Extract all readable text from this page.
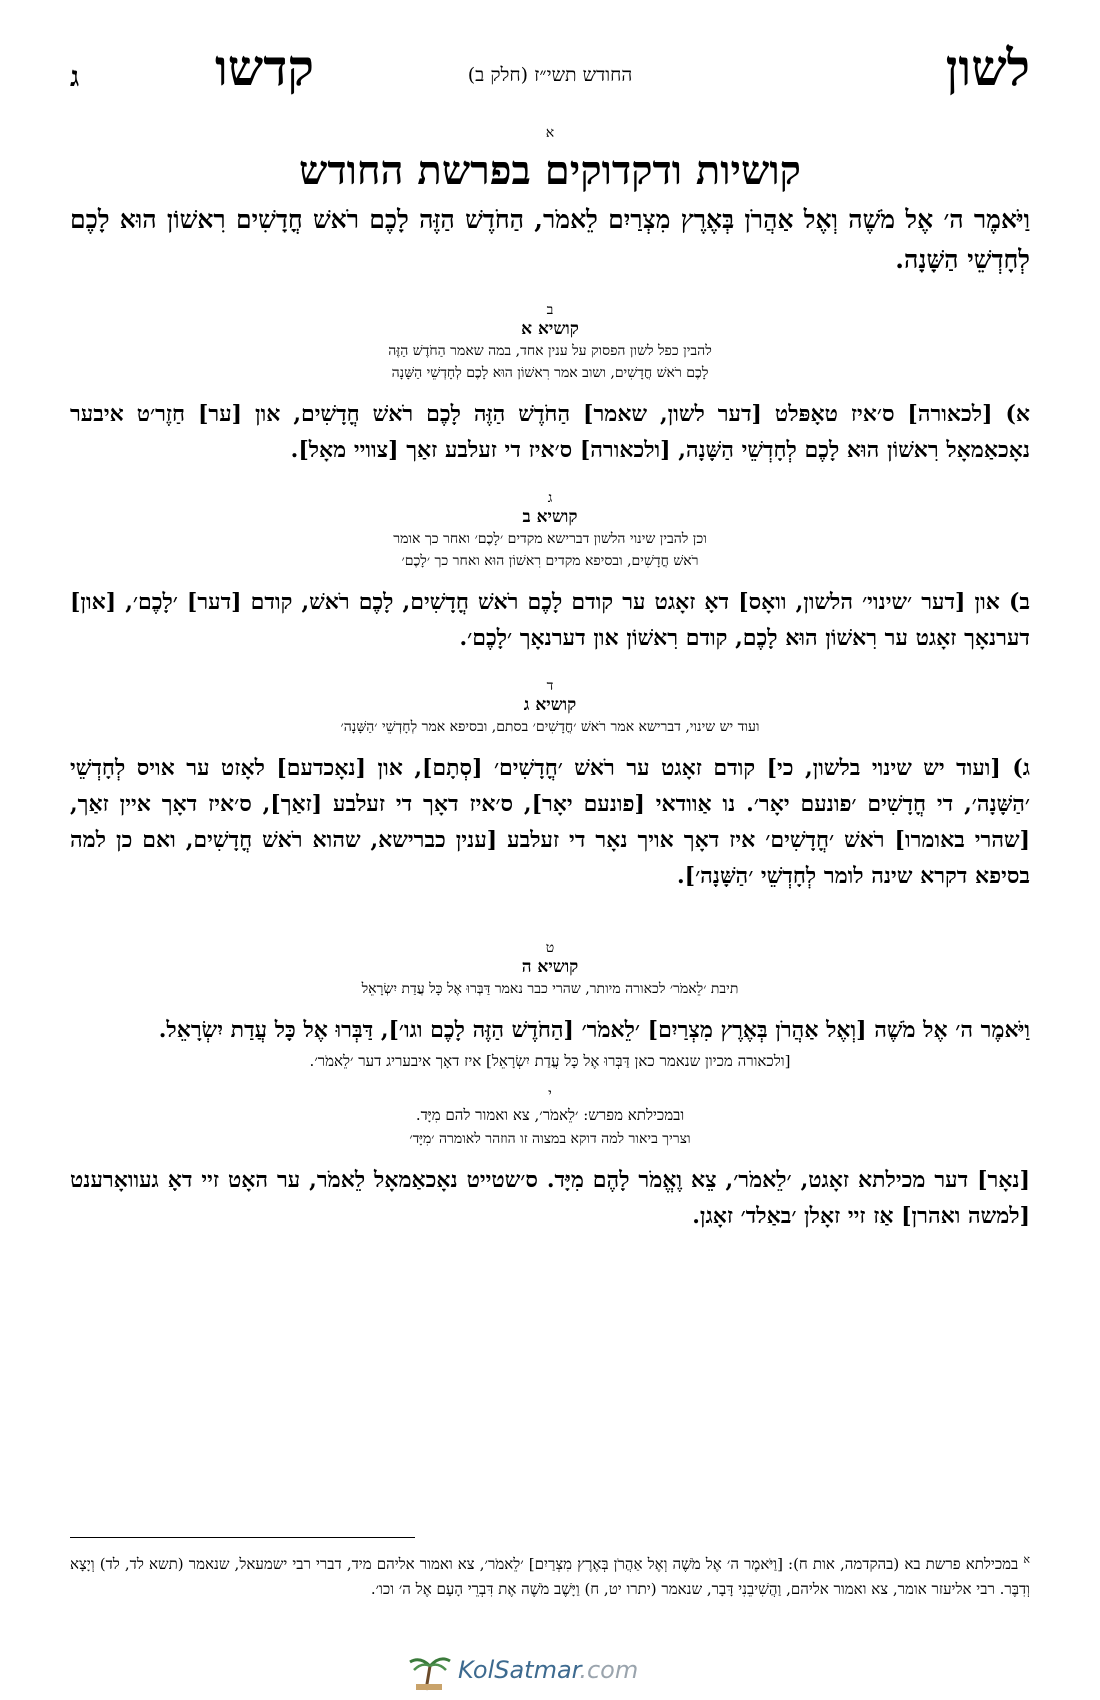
לשון
קדשו	החודש תשי״ז (חלק ב)
ג
א
קושיות ודקדוקים בפרשת החודש
וַיֹּאמֶר ה׳ אֶל מֹשֶׁה וְאֶל אַהֲרֹן בְּאֶרֶץ מִצְרַיִם לֵאמֹר, הַחֹדֶשׁ הַזֶּה לָכֶם רֹאשׁ חֳדָשִׁים רִאשׁוֹן הוּא לָכֶם לְחָדְשֵׁי הַשָּׁנָה.
ב
קושיא א
להבין כפל לשון הפסוק על ענין אחד, במה שאמר הַחֹדֶשׁ הַזֶּה
לָכֶם רֹאשׁ חֳדָשִׁים, ושוב אמר רִאשׁוֹן הוּא לָכֶם לְחָדְשֵׁי הַשָּׁנָה
א) [לכאורה] ס׳איז טאָפּלט [דער לשון, שאמר] הַחֹדֶשׁ הַזֶּה לָכֶם רֹאשׁ חֳדָשִׁים, און [ער] חַזֶר׳ט איבער נאָכאַמאָל רִאשׁוֹן הוּא לָכֶם לְחָדְשֵׁי הַשָּׁנָה, [ולכאורה] ס׳איז די זעלבע זאַך [צוויי מאָל].
ג
קושיא ב
וכן להבין שינוי הלשון דברישא מקדים ׳לָכֶם׳ ואחר כך אומר
רֹאשׁ חֳדָשִׁים, ובסיפא מקדים רִאשׁוֹן הוּא ואחר כך ׳לָכֶם׳
ב) און [דער ׳שינוי׳ הלשון, וואָס] דאָ זאָגט ער קודם לָכֶם רֹאשׁ חֳדָשִׁים, לָכֶם רֹאשׁ, קודם [דער] ׳לָכֶם׳, [און] דערנאָך זאָגט ער רִאשׁוֹן הוּא לָכֶם, קודם רִאשׁוֹן און דערנאָך ׳לָכֶם׳.
ד
קושיא ג
ועוד יש שינוי, דברישא אמר רֹאשׁ ׳חֳדָשִׁים׳ בסתם, ובסיפא אמר לְחָדְשֵׁי ׳הַשָּׁנָה׳
ג) [ועוד יש שינוי בלשון, כי] קודם זאָגט ער רֹאשׁ ׳חֳדָשִׁים׳ [סְתָם], און [נאָכדעם] לאָזט ער אויס לְחָדְשֵׁי ׳הַשָּׁנָה׳, די חֳדָשִׁים ׳פונעם יאָר׳. נו אַוודאי [פונעם יאָר], ס׳איז דאָך די זעלבע [זאַך], ס׳איז דאָך איין זאַך, [שהרי באומרו] רֹאשׁ ׳חֳדָשִׁים׳ איז דאָך אויך נאָר די זעלבע [ענין כברישא, שהוא רֹאשׁ חֳדָשִׁים, ואם כן למה בסיפא דקרא שינה לומר לְחָדְשֵׁי ׳הַשָּׁנָה׳].
ט
קושיא ה
תיבת ׳לֵאמֹר׳ לכאורה מיותר, שהרי כבר נאמר דַּבְּרוּ אֶל כָּל עֲדַת יִשְׂרָאֵל
וַיֹּאמֶר ה׳ אֶל מֹשֶׁה [וְאֶל אַהֲרֹן בְּאֶרֶץ מִצְרַיִם] ׳לֵאמֹר׳ [הַחֹדֶשׁ הַזֶּה לָכֶם וגו׳], דַּבְּרוּ אֶל כָּל עֲדַת יִשְׂרָאֵל.
[ולכאורה מכיון שנאמר כאן דַּבְּרוּ אֶל כָּל עֲדַת יִשְׂרָאֵל] איז דאָך איבעריג דער ׳לֵאמֹר׳.
י
ובמכילתא מפרש: ׳לֵאמֹר׳, צא ואמור להם מִיָּד.
וצריך ביאור למה דוקא במצוה זו הוזהר לאומרה ׳מִיָּד׳
[נאָר] דער מכילתא זאָגט, ׳לֵאמֹר׳, צֵא וֶאֱמֹר לָהֶם מִיָּד. ס׳שטייט נאָכאַמאָל לֵאמֹר, ער האָט זיי דאָ געוואָרענט [למשה ואהרן] אַז זיי זאָלן ׳באַלד׳ זאָגן.
$^א$ במכילתא פרשת בא (בהקדמה, אות ח): [וַיֹּאמֶר ה׳ אֶל מֹשֶׁה וְאֶל אַהֲרֹן בְּאֶרֶץ מִצְרַיִם] ׳לֵאמֹר׳, צא ואמור אליהם מיד, דברי רבי ישמעאל, שנאמר (תשא לד, לד) וְיָצָא וְדִבֶּר. רבי אליעזר אומר, צא ואמור אליהם, וַהֲשִׁיבֵנִי דָּבָר, שנאמר (יתרו יט, ח) וַיָּשֶׁב מֹשֶׁה אֶת דִּבְרֵי הָעָם אֶל ה׳ וכו׳.
KolSatmar.com
